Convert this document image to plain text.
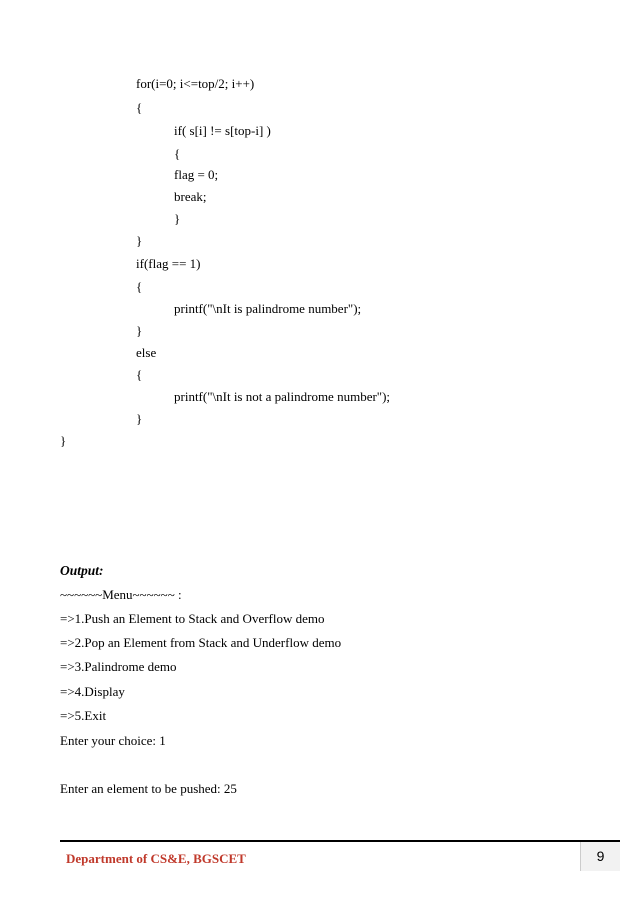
for(i=0; i<=top/2; i++)
{
if( s[i] != s[top-i] )
{
flag = 0;
break;
}
}
if(flag == 1)
{
printf("\nIt is palindrome number");
}
else
{
printf("\nIt is not a palindrome number");
}
}
Output:
~~~~~~Menu~~~~~~ :
=>1.Push an Element to Stack and Overflow demo
=>2.Pop an Element from Stack and Underflow demo
=>3.Palindrome demo
=>4.Display
=>5.Exit
Enter your choice: 1
Enter an element to be pushed: 25
Department of CS&E, BGSCET	9
